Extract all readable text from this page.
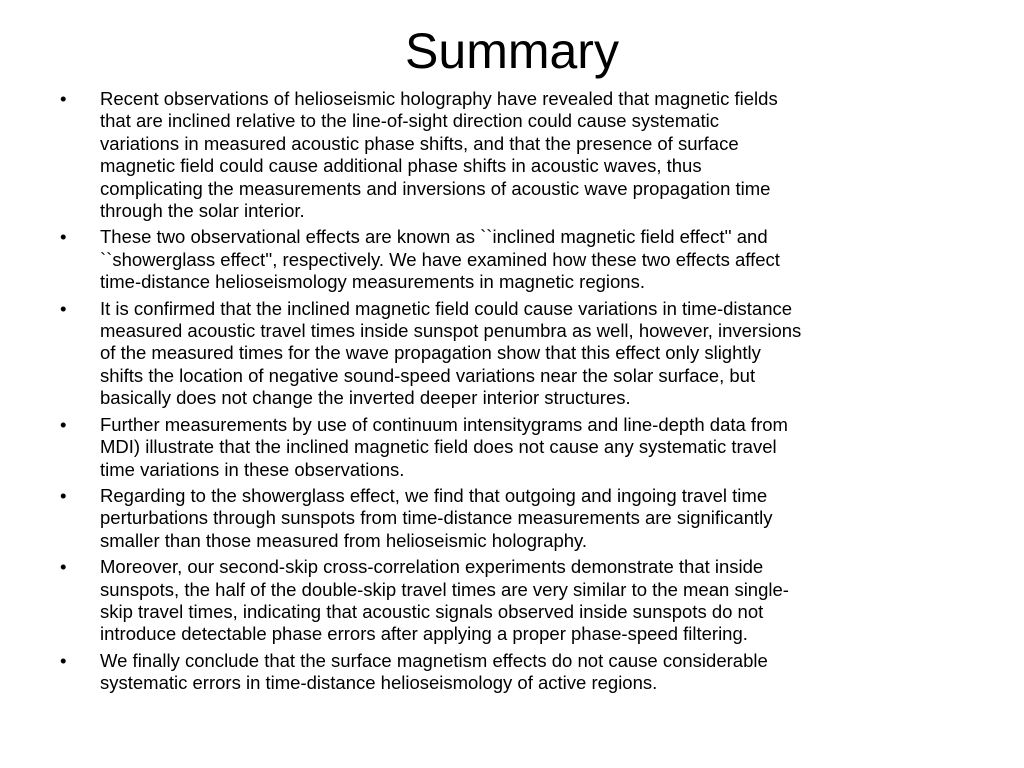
Summary
•	Recent observations of helioseismic holography have revealed that magnetic fields
that are inclined relative to the line-of-sight direction could cause systematic
variations in measured acoustic phase shifts, and that the presence of surface
magnetic field could cause additional phase shifts in acoustic waves, thus
complicating the measurements and inversions of acoustic wave propagation time
through the solar interior.
•	These two observational effects are known as ``inclined magnetic field effect'' and
``showerglass effect'', respectively. We have examined how these two effects affect
time-distance helioseismology measurements in magnetic regions.
•	It is confirmed that the inclined magnetic field could cause variations in time-distance
measured acoustic travel times inside sunspot penumbra as well, however, inversions
of the measured times for the wave propagation show that this effect only slightly
shifts the location of negative sound-speed variations near the solar surface, but
basically does not change the inverted deeper interior structures.
•	Further measurements by use of continuum intensitygrams and line-depth data from
MDI) illustrate that the inclined magnetic field does not cause any systematic travel
time variations in these observations.
•	Regarding to the showerglass effect, we find that outgoing and ingoing travel time
perturbations through sunspots from time-distance measurements are significantly
smaller than those measured from helioseismic holography.
•	Moreover, our second-skip cross-correlation experiments demonstrate that inside
sunspots, the half of the double-skip travel times are very similar to the mean single-
skip travel times, indicating that acoustic signals observed inside sunspots do not
introduce detectable phase errors after applying a proper phase-speed filtering.
•	We finally conclude that the surface magnetism effects do not cause considerable
systematic errors in time-distance helioseismology of active regions.
